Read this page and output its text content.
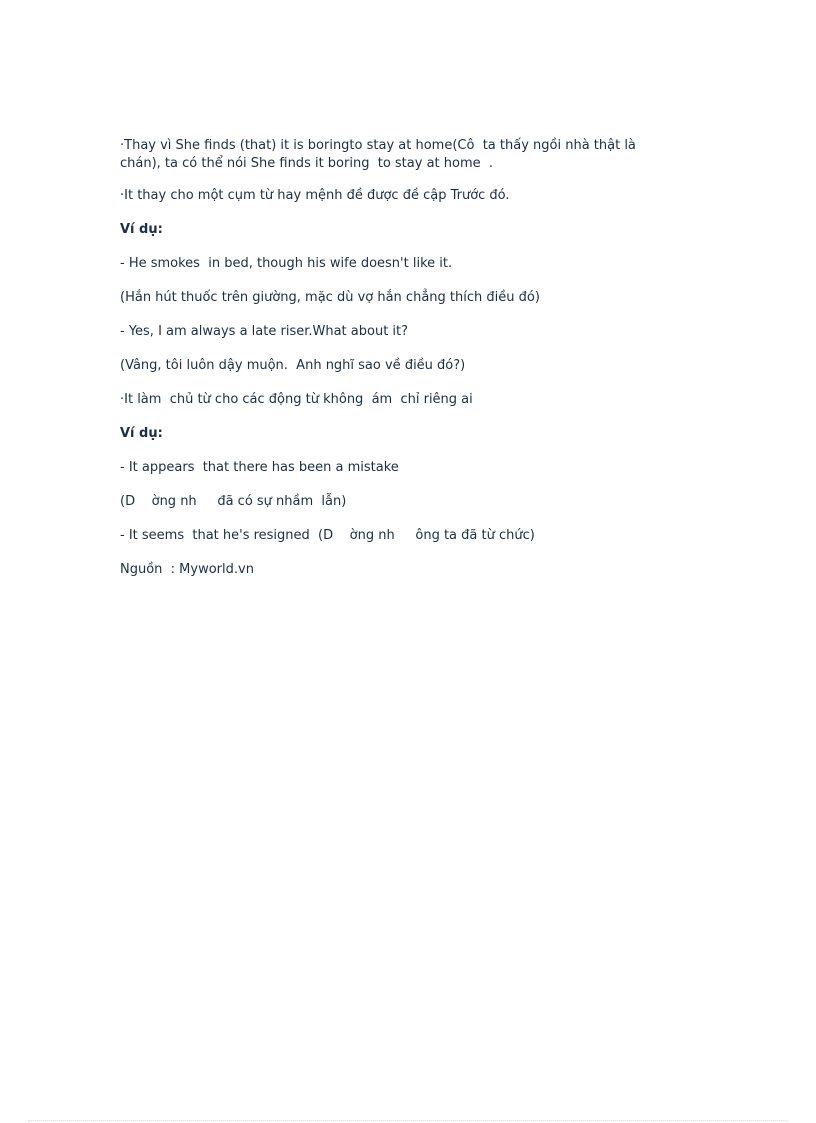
·Thay vì She finds (that) it is boringto stay at home(Cô  ta thấy ngồi nhà thật là chán), ta có thể nói She finds it boring  to stay at home  .

·It thay cho một cụm từ hay mệnh đề được đề cập Trước đó.

Ví dụ:

- He smokes  in bed, though his wife doesn't like it.

(Hắn hút thuốc trên giường, mặc dù vợ hắn chẳng thích điều đó)

- Yes, I am always a late riser.What about it?

(Vâng, tôi luôn dậy muộn.  Anh nghĩ sao về điều đó?)

·It làm  chủ từ cho các động từ không  ám  chỉ riêng ai

Ví dụ:

- It appears  that there has been a mistake

(D    ờng nh     đã có sự nhầm  lẫn)

- It seems  that he's resigned  (D    ờng nh     ông ta đã từ chức)

Nguồn  : Myworld.vn
